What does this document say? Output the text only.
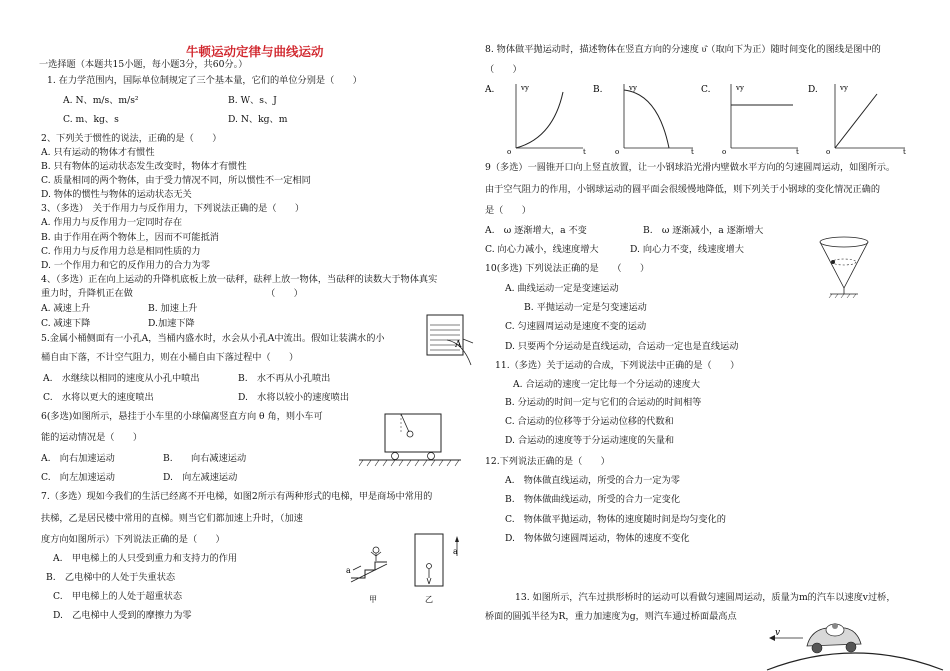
牛顿运动定律与曲线运动
一选择题（本题共15小题，每小题3分，共60分。）
1. 在力学范围内，国际单位制规定了三个基本量，它们的单位分别是（　　）
A. N、m/s、m/s²	B. W、s、J
C. m、kg、s	D. N、kg、m
2、下列关于惯性的说法，正确的是（　　）
A. 只有运动的物体才有惯性
B. 只有物体的运动状态发生改变时，物体才有惯性
C. 质量相同的两个物体，由于受力情况不同，所以惯性不一定相同
D. 物体的惯性与物体的运动状态无关
3、（多选）　关于作用力与反作用力，下列说法正确的是（　　）
A. 作用力与反作用力一定同时存在
B. 由于作用在两个物体上，因而不可能抵消
C. 作用力与反作用力总是相同性质的力
D. 一个作用力和它的反作用力的合力为零
4、（多选）正在向上运动的升降机底板上放一砝秤，砝秤上放一物体，当砝秤的读数大于物体真实
重力时，升降机正在做　　　　　　　　　　　　　　　（　　）
A. 减速上升	B. 加速上升
C. 减速下降	D.加速下降
5.金属小桶侧面有一小孔A，当桶内盛水时，水会从小孔A中流出。假如让装满水的小
桶自由下落，不计空气阻力，则在小桶自由下落过程中（　　）
A.　水继续以相同的速度从小孔中喷出	B.　水不再从小孔喷出
C.　水将以更大的速度喷出	D.　水将以较小的速度喷出
6(多选)如图所示，悬挂于小车里的小球偏离竖直方向 θ 角，则小车可
能的运动情况是（　　）
A.　向右加速运动	B.　　向右减速运动
C.　向左加速运动	D.　向左减速运动
7.（多选）现如今我们的生活已经离不开电梯，如图2所示有两种形式的电梯，甲是商场中常用的
扶梯，乙是居民楼中常用的直梯。则当它们都加速上升时，（加速
度方向如图所示）下列说法正确的是（　　）
A.　甲电梯上的人只受到重力和支持力的作用
B.　乙电梯中的人处于失重状态
C.　甲电梯上的人处于超重状态
D.　乙电梯中人受到的摩擦力为零
A
a
甲
a
乙
8. 物体做平抛运动时，描述物体在竖直方向的分速度 υ᷁（取向下为正）随时间变化的图线是图中的
（　　）
A.	vy
o	t
B.	vy
o	t
C.	vy
o	t
D.	vy
o	t
9（多选）一圆锥开口向上竖直放置，让一小钢球沿光滑内壁做水平方向的匀速圆周运动，如图所示。
由于空气阻力的作用，小钢球运动的圆平面会很缓慢地降低，则下列关于小钢球的变化情况正确的
是（　　）
A.　ω 逐渐增大，a 不变	B.　ω 逐渐减小，a 逐渐增大
C. 向心力减小，线速度增大	D. 向心力不变，线速度增大
10(多选) 下列说法正确的是　　（　　）
A. 曲线运动一定是变速运动
B. 平抛运动一定是匀变速运动
C. 匀速圆周运动是速度不变的运动
D. 只要两个分运动是直线运动，合运动一定也是直线运动
11.（多选）关于运动的合成，下列说法中正确的是（　　）
A. 合运动的速度一定比每一个分运动的速度大
B. 分运动的时间一定与它们的合运动的时间相等
C. 合运动的位移等于分运动位移的代数和
D. 合运动的速度等于分运动速度的矢量和
12.下列说法正确的是（　　）
A.　物体做直线运动，所受的合力一定为零
B.　物体做曲线运动，所受的合力一定变化
C.　物体做平抛运动，物体的速度随时间是均匀变化的
D.　物体做匀速圆周运动，物体的速度不变化
13. 如图所示，汽车过拱形桥时的运动可以看做匀速圆周运动，质量为m的汽车以速度v过桥，
桥面的圆弧半径为R，重力加速度为g，则汽车通过桥面最高点
v
